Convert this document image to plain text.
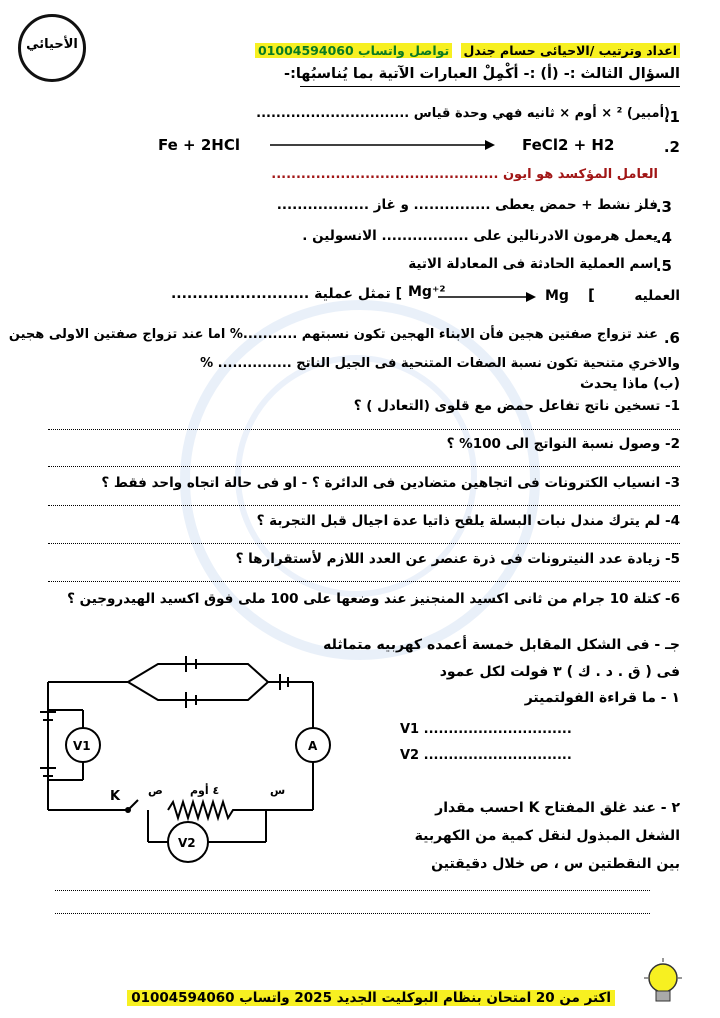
الأحيائي	اعداد وترتيب /الاحيائى حسام جندل تواصل واتساب 01004594060
السؤال الثالث :- (أ) :- أكْمِلْ العبارات الآتية بما يُناسبُها:-
(أمبير) ² × أوم × ثانيه فهي وحدة قياس ...............................
.1
Fe + 2HCl	FeCl2 + H2	.2
العامل المؤكسد هو ايون ..............................................
فلز نشط + حمض يعطى ............... و غاز ..................
.3
يعمل هرمون الادرنالين على ................. الانسولين .
.4
اسم العملية الحادثة فى المعادلة الاتية
.5
العمليه
[
Mg
Mg⁺²
] تمثل عملية ..........................
عند تزواج صفتين هجين فأن الابناء الهجين تكون نسبتهم ...........% اما عند تزواج صفتين الاولى هجين .6
والاخري متنحية تكون نسبة الصفات المتنحية فى الجيل الناتج ............... %
(ب) ماذا يحدث
1- تسخين ناتج تفاعل حمض مع قلوى (التعادل ) ؟
2- وصول نسبة النواتج الى 100% ؟
3- انسياب الكترونات فى اتجاهين متضادين فى الدائرة ؟ - او فى حالة اتجاه واحد فقط ؟
4- لم يترك مندل نبات البسلة يلقح ذاتيا عدة اجيال قبل التجربة ؟
5- زيادة عدد النيترونات فى ذرة عنصر عن العدد اللازم لأستقرارها ؟
6- كتلة 10 جرام من ثانى اكسيد المنجنيز عند وضعها على 100 ملى فوق اكسيد الهيدروجين ؟
جـ - فى الشكل المقابل خمسة أعمده كهربيه متماثله
فى ( ق . د . ك ) ٣ فولت لكل عمود
١ - ما قراءة الفولتميتر
V1 ..............................
V2 ..............................
٢ - عند غلق المفتاح K احسب مقدار
الشغل المبذول لنقل كمية من الكهربية
بين النقطتين س ، ص خلال دقيقتين
V1	A
V2
K	ص ٤ أوم	س
اكتر من 20 امتحان بنظام البوكليت الجديد 2025 واتساب 01004594060
